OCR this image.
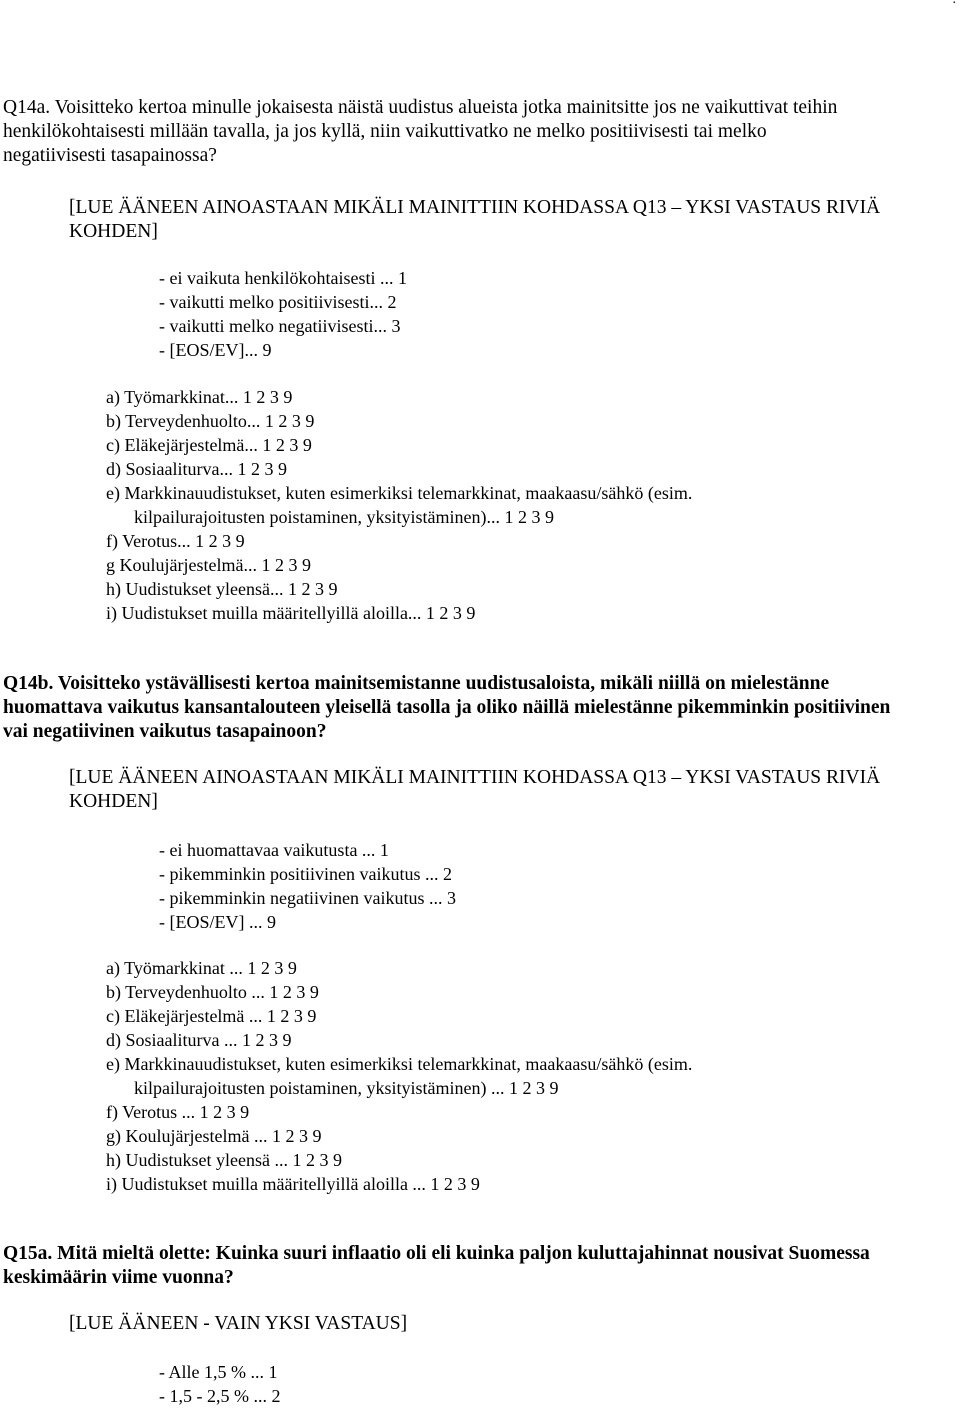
Q14a. Voisitteko kertoa minulle jokaisesta näistä uudistus alueista jotka mainitsitte jos ne vaikuttivat teihin
henkilökohtaisesti millään tavalla, ja jos kyllä, niin vaikuttivatko ne melko positiivisesti tai melko
negatiivisesti tasapainossa?
[LUE ÄÄNEEN AINOASTAAN MIKÄLI MAINITTIIN KOHDASSA Q13 – YKSI VASTAUS RIVIÄ
KOHDEN]
- ei vaikuta henkilökohtaisesti ... 1
- vaikutti melko positiivisesti... 2
- vaikutti melko negatiivisesti... 3
- [EOS/EV]... 9
a) Työmarkkinat... 1 2 3 9
b) Terveydenhuolto... 1 2 3 9
c) Eläkejärjestelmä... 1 2 3 9
d) Sosiaaliturva... 1 2 3 9
e) Markkinauudistukset, kuten esimerkiksi telemarkkinat, maakaasu/sähkö (esim.
kilpailurajoitusten poistaminen, yksityistäminen)... 1 2 3 9
f) Verotus... 1 2 3 9
g Koulujärjestelmä... 1 2 3 9
h) Uudistukset yleensä... 1 2 3 9
i) Uudistukset muilla määritellyillä aloilla... 1 2 3 9
Q14b. Voisitteko ystävällisesti kertoa mainitsemistanne uudistusaloista, mikäli niillä on mielestänne
huomattava vaikutus kansantalouteen yleisellä tasolla ja oliko näillä mielestänne pikemminkin positiivinen
vai negatiivinen vaikutus tasapainoon?
[LUE ÄÄNEEN AINOASTAAN MIKÄLI MAINITTIIN KOHDASSA Q13 – YKSI VASTAUS RIVIÄ
KOHDEN]
- ei huomattavaa vaikutusta ... 1
- pikemminkin positiivinen vaikutus ... 2
- pikemminkin negatiivinen vaikutus ... 3
- [EOS/EV] ... 9
a) Työmarkkinat ... 1 2 3 9
b) Terveydenhuolto ... 1 2 3 9
c) Eläkejärjestelmä ... 1 2 3 9
d) Sosiaaliturva ... 1 2 3 9
e) Markkinauudistukset, kuten esimerkiksi telemarkkinat, maakaasu/sähkö (esim.
kilpailurajoitusten poistaminen, yksityistäminen) ... 1 2 3 9
f) Verotus ... 1 2 3 9
g) Koulujärjestelmä ... 1 2 3 9
h) Uudistukset yleensä ... 1 2 3 9
i) Uudistukset muilla määritellyillä aloilla ... 1 2 3 9
Q15a. Mitä mieltä olette: Kuinka suuri inflaatio oli eli kuinka paljon kuluttajahinnat nousivat Suomessa
keskimäärin viime vuonna?
[LUE ÄÄNEEN - VAIN YKSI VASTAUS]
- Alle 1,5 % ... 1
- 1,5 - 2,5 % ... 2
